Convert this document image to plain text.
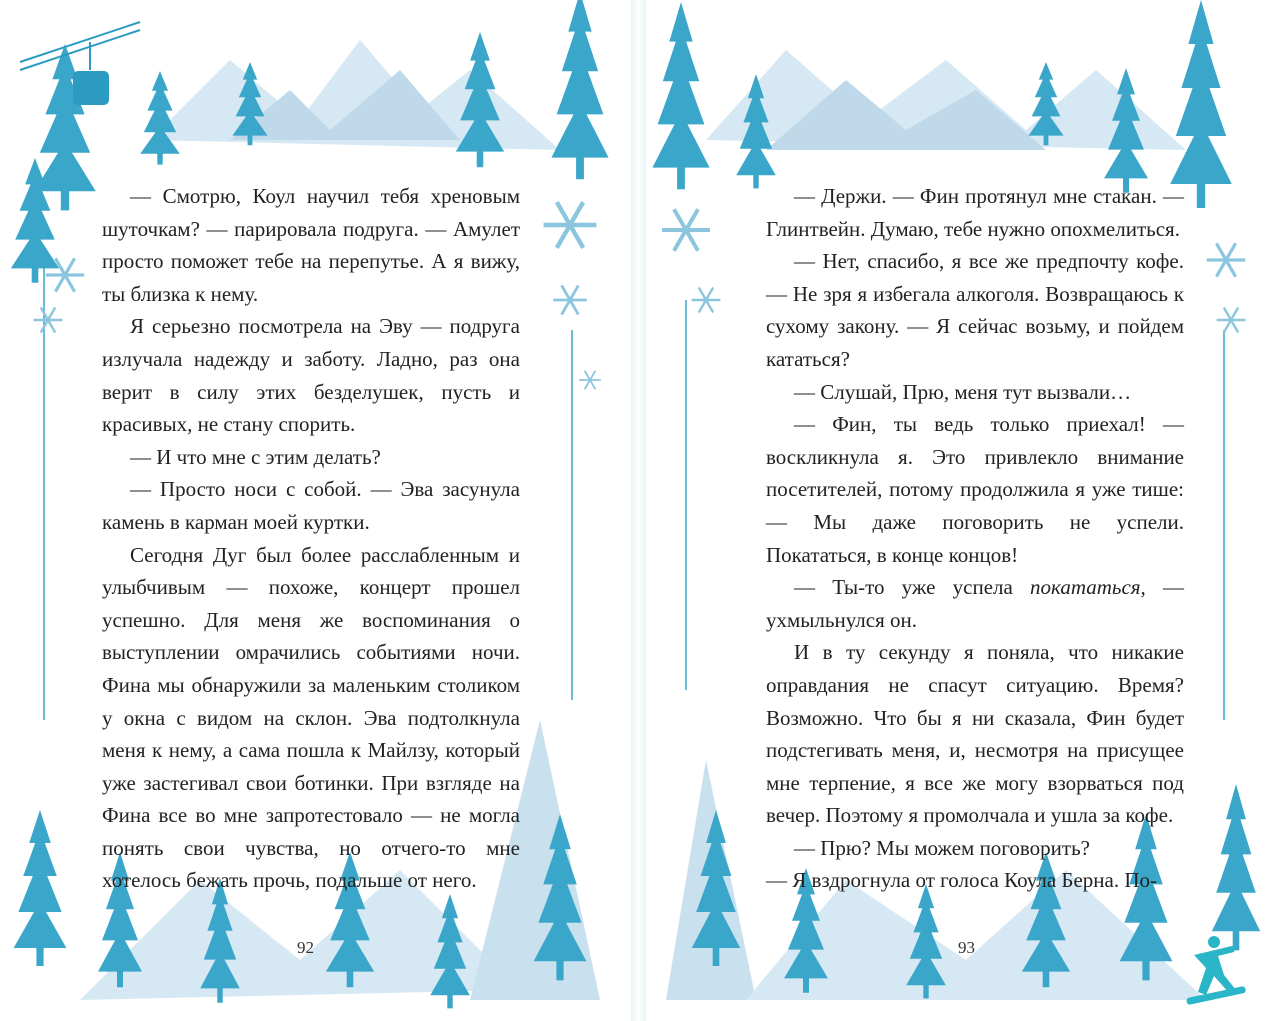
— Смотрю, Коул научил тебя хреновым шуточкам? — парировала подруга. — Амулет просто поможет тебе на перепутье. А я вижу, ты близка к нему.

Я серьезно посмотрела на Эву — подруга излучала надежду и заботу. Ладно, раз она верит в силу этих безделушек, пусть и красивых, не стану спорить.

— И что мне с этим делать?

— Просто носи с собой. — Эва засунула камень в карман моей куртки.

Сегодня Дуг был более расслабленным и улыбчивым — похоже, концерт прошел успешно. Для меня же воспоминания о выступлении омрачились событиями ночи. Фина мы обнаружили за маленьким столиком у окна с видом на склон. Эва подтолкнула меня к нему, а сама пошла к Майлзу, который уже застегивал свои ботинки. При взгляде на Фина все во мне запротестовало — не могла понять свои чувства, но отчего-то мне хотелось бежать прочь, подальше от него.

92

— Держи. — Фин протянул мне стакан. — Глинтвейн. Думаю, тебе нужно опохмелиться.

— Нет, спасибо, я все же предпочту кофе. — Не зря я избегала алкоголя. Возвращаюсь к сухому закону. — Я сейчас возьму, и пойдем кататься?

— Слушай, Прю, меня тут вызвали…

— Фин, ты ведь только приехал! — воскликнула я. Это привлекло внимание посетителей, потому продолжила я уже тише: — Мы даже поговорить не успели. Покататься, в конце концов!

— Ты-то уже успела покататься, — ухмыльнулся он.

И в ту секунду я поняла, что никакие оправдания не спасут ситуацию. Время? Возможно. Что бы я ни сказала, Фин будет подстегивать меня, и, несмотря на присущее мне терпение, я все же могу взорваться под вечер. Поэтому я промолчала и ушла за кофе.

— Прю? Мы можем поговорить?

— Я вздрогнула от голоса Коула Берна. По-

93
